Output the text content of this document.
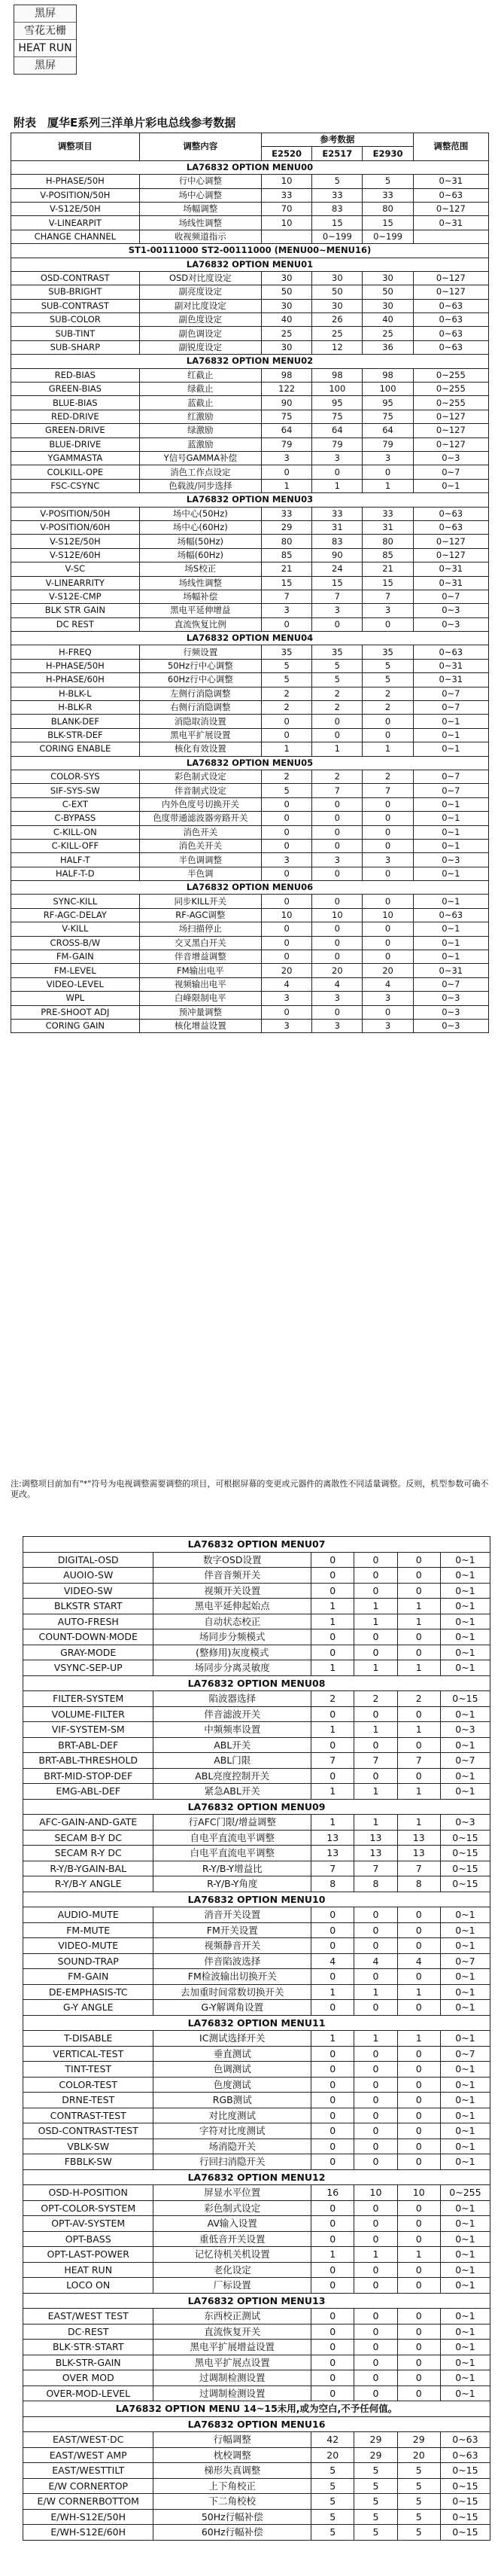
黑屏
雪花无栅
HEAT RUN
黑屏
附表　厦华E系列三洋单片彩电总线参考数据
调整项目	调整内容	参考数据			调整范围
		E2520	E2517	E2930	
LA76832 OPTION MENU00					
H-PHASE/50H	行中心调整	10	5	5	0~31
V-POSITION/50H	场中心调整	33	33	33	0~63
V-S12E/50H	场幅调整	70	83	80	0~127
V-LINEARPIT	场线性调整	10	15	15	0~31
CHANGE CHANNEL	收视频道指示		0~199	0~199	
ST1-00111000 ST2-00111000 (MENU00~MENU16)					
LA76832 OPTION MENU01					
OSD-CONTRAST	OSD对比度设定	30	30	30	0~127
SUB-BRIGHT	副亮度设定	50	50	50	0~127
SUB-CONTRAST	副对比度设定	30	30	30	0~63
SUB-COLOR	副色度设定	40	26	40	0~63
SUB-TINT	副色调设定	25	25	25	0~63
SUB-SHARP	副锐度设定	30	12	36	0~63
LA76832 OPTION MENU02					
RED-BIAS	红截止	98	98	98	0~255
GREEN-BIAS	绿截止	122	100	100	0~255
BLUE-BIAS	蓝截止	90	95	95	0~255
RED-DRIVE	红激励	75	75	75	0~127
GREEN-DRIVE	绿激励	64	64	64	0~127
BLUE-DRIVE	蓝激励	79	79	79	0~127
YGAMMASTA	Y信号GAMMA补偿	3	3	3	0~3
COLKILL-OPE	消色工作点设定	0	0	0	0~7
FSC-CSYNC	色载波/同步选择	1	1	1	0~1
LA76832 OPTION MENU03					
V-POSITION/50H	场中心(50Hz)	33	33	33	0~63
V-POSITION/60H	场中心(60Hz)	29	31	31	0~63
V-S12E/50H	场幅(50Hz)	80	83	80	0~127
V-S12E/60H	场幅(60Hz)	85	90	85	0~127
V-SC	场S校正	21	24	21	0~31
V-LINEARRITY	场线性调整	15	15	15	0~31
V-S12E-CMP	场幅补偿	7	7	7	0~7
BLK STR GAIN	黑电平延伸增益	3	3	3	0~3
DC REST	直流恢复比例	0	0	0	0~3
LA76832 OPTION MENU04					
H-FREQ	行频设置	35	35	35	0~63
H-PHASE/50H	50Hz行中心调整	5	5	5	0~31
H-PHASE/60H	60Hz行中心调整	5	5	5	0~31
H-BLK-L	左侧行消隐调整	2	2	2	0~7
H-BLK-R	右侧行消隐调整	2	2	2	0~7
BLANK-DEF	消隐取消设置	0	0	0	0~1
BLK-STR-DEF	黑电平扩展设置	0	0	0	0~1
CORING ENABLE	核化有效设置	1	1	1	0~1
LA76832 OPTION MENU05					
COLOR-SYS	彩色制式设定	2	2	2	0~7
SIF-SYS-SW	伴音制式设定	5	7	7	0~7
C-EXT	内外色度号切换开关	0	0	0	0~1
C-BYPASS	色度带通滤波器旁路开关	0	0	0	0~1
C-KILL-ON	消色开关	0	0	0	0~1
C-KILL-OFF	消色关开关	0	0	0	0~1
HALF-T	半色调调整	3	3	3	0~3
HALF-T-D	半色调	0	0	0	0~1
LA76832 OPTION MENU06					
SYNC-KILL	同步KILL开关	0	0	0	0~1
RF-AGC-DELAY	RF-AGC调整	10	10	10	0~63
V-KILL	场扫描停止	0	0	0	0~1
CROSS-B/W	交叉黑白开关	0	0	0	0~1
FM-GAIN	伴音增益调整	0	0	0	0~1
FM-LEVEL	FM输出电平	20	20	20	0~31
VIDEO-LEVEL	视频输出电平	4	4	4	0~7
WPL	白峰限制电平	3	3	3	0~3
PRE-SHOOT ADJ	预冲量调整	0	0	0	0~3
CORING GAIN	核化增益设置	3	3	3	0~3
注:调整项目前加有"*"符号为电视调整需要调整的项目，可根据屏幕的变更或元器件的离散性不同适量调整。反则，机型参数可确不更改。
LA76832 OPTION MENU07					
DIGITAL-OSD	数字OSD设置	0	0	0	0~1
AUOIO-SW	伴音音频开关	0	0	0	0~1
VIDEO-SW	视频开关设置	0	0	0	0~1
BLKSTR START	黑电平延伸起始点	1	1	1	0~1
AUTO-FRESH	自动状态校正	1	1	1	0~1
COUNT-DOWN·MODE	场同步分频模式	0	0	0	0~1
GRAY-MODE	(整修用)灰度模式	0	0	0	0~1
VSYNC-SEP-UP	场同步分离灵敏度	1	1	1	0~1
LA76832 OPTION MENU08					
FILTER-SYSTEM	陷波器选择	2	2	2	0~15
VOLUME-FILTER	伴音滤波开关	0	0	0	0~1
VIF-SYSTEM-SM	中频频率设置	1	1	1	0~3
BRT-ABL-DEF	ABL开关	0	0	0	0~1
BRT-ABL-THRESHOLD	ABL门限	7	7	7	0~7
BRT-MID-STOP-DEF	ABL亮度控制开关	0	0	0	0~1
EMG-ABL-DEF	紧急ABL开关	1	1	1	0~1
LA76832 OPTION MENU09					
AFC-GAIN-AND-GATE	行AFC门限/增益调整	1	1	1	0~3
SECAM B-Y DC	自电平直流电平调整	13	13	13	0~15
SECAM R-Y DC	白电平直流电平调整	13	13	13	0~15
R-Y/B-YGAIN-BAL	R-Y/B-Y增益比	7	7	7	0~15
R-Y/B-Y ANGLE	R-Y/B-Y角度	8	8	8	0~15
LA76832 OPTION MENU10					
AUDIO-MUTE	消音开关设置	0	0	0	0~1
FM-MUTE	FM开关设置	0	0	0	0~1
VIDEO-MUTE	视频静音开关	0	0	0	0~1
SOUND-TRAP	伴音陷波选择	4	4	4	0~7
FM-GAIN	FM检波输出切换开关	0	0	0	0~1
DE-EMPHASIS-TC	去加重时间常数切换开关	1	1	1	0~1
G-Y ANGLE	G-Y解调角设置	0	0	0	0~1
LA76832 OPTION MENU11					
T-DISABLE	IC测试选择开关	1	1	1	0~1
VERTICAL-TEST	垂直测试	0	0	0	0~7
TINT-TEST	色调测试	0	0	0	0~1
COLOR-TEST	色度测试	0	0	0	0~1
DRNE-TEST	RGB测试	0	0	0	0~1
CONTRAST-TEST	对比度测试	0	0	0	0~1
OSD-CONTRAST-TEST	字符对比度测试	0	0	0	0~1
VBLK-SW	场消隐开关	0	0	0	0~1
FBBLK-SW	行回扫消隐开关	0	0	0	0~1
LA76832 OPTION MENU12					
OSD-H-POSITION	屏显水平位置	16	10	10	0~255
OPT-COLOR-SYSTEM	彩色制式设定	0	0	0	0~1
OPT-AV-SYSTEM	AV输入设置	0	0	0	0~1
OPT-BASS	重低音开关设置	0	0	0	0~1
OPT-LAST-POWER	记忆待机关机设置	1	1	1	0~1
HEAT RUN	老化设定	0	0	0	0~1
LOCO ON	厂标设置	0	0	0	0~1
LA76832 OPTION MENU13					
EAST/WEST TEST	东西校正测试	0	0	0	0~1
DC·REST	直流恢复开关	0	0	0	0~1
BLK·STR·START	黑电平扩展增益设置	0	0	0	0~1
BLK-STR-GAIN	黑电平扩展点设置	0	0	0	0~1
OVER MOD	过调制检测设置	0	0	0	0~1
OVER-MOD-LEVEL	过调制检测设置	0	0	0	0~1
LA76832 OPTION MENU 14~15未用,或为空白,不予任何值。					
LA76832 OPTION MENU16					
EAST/WEST·DC	行幅调整	42	29	29	0~63
EAST/WEST AMP	枕校调整	20	29	20	0~63
EAST/WESTTILT	梯形失真调整	5	5	5	0~15
E/W CORNERTOP	上下角校正	5	5	5	0~15
E/W CORNERBOTTOM	下二角校校	5	5	5	0~15
E/WH-S12E/50H	50Hz行幅补偿	5	5	5	0~15
E/WH-S12E/60H	60Hz行幅补偿	5	5	5	0~15
